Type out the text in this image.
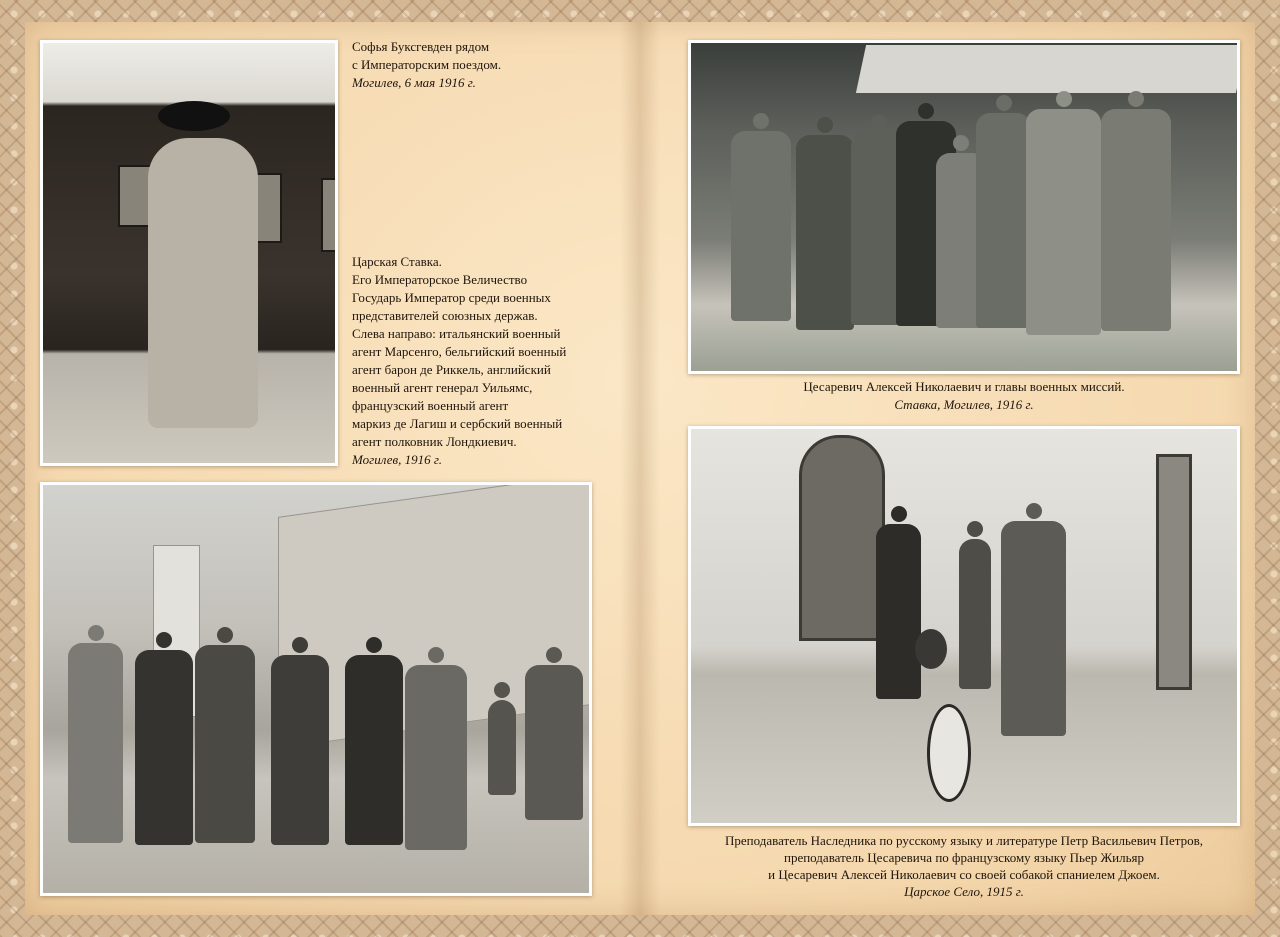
Софья Буксгевден рядом
с Императорским поездом.
Могилев, 6 мая 1916 г.
Царская Ставка.
Его Императорское Величество
Государь Император среди военных
представителей союзных держав.
Слева направо: итальянский военный
агент Марсенго, бельгийский военный
агент барон де Риккель, английский
военный агент генерал Уильямс,
французский военный агент
маркиз де Лагиш и сербский военный
агент полковник Лондкиевич.
Могилев, 1916 г.
Цесаревич Алексей Николаевич и главы военных миссий.
Ставка, Могилев, 1916 г.
Преподаватель Наследника по русскому языку и литературе Петр Васильевич Петров,
преподаватель Цесаревича по французскому языку Пьер Жильяр
и Цесаревич Алексей Николаевич со своей собакой спаниелем Джоем.
Царское Село, 1915 г.
